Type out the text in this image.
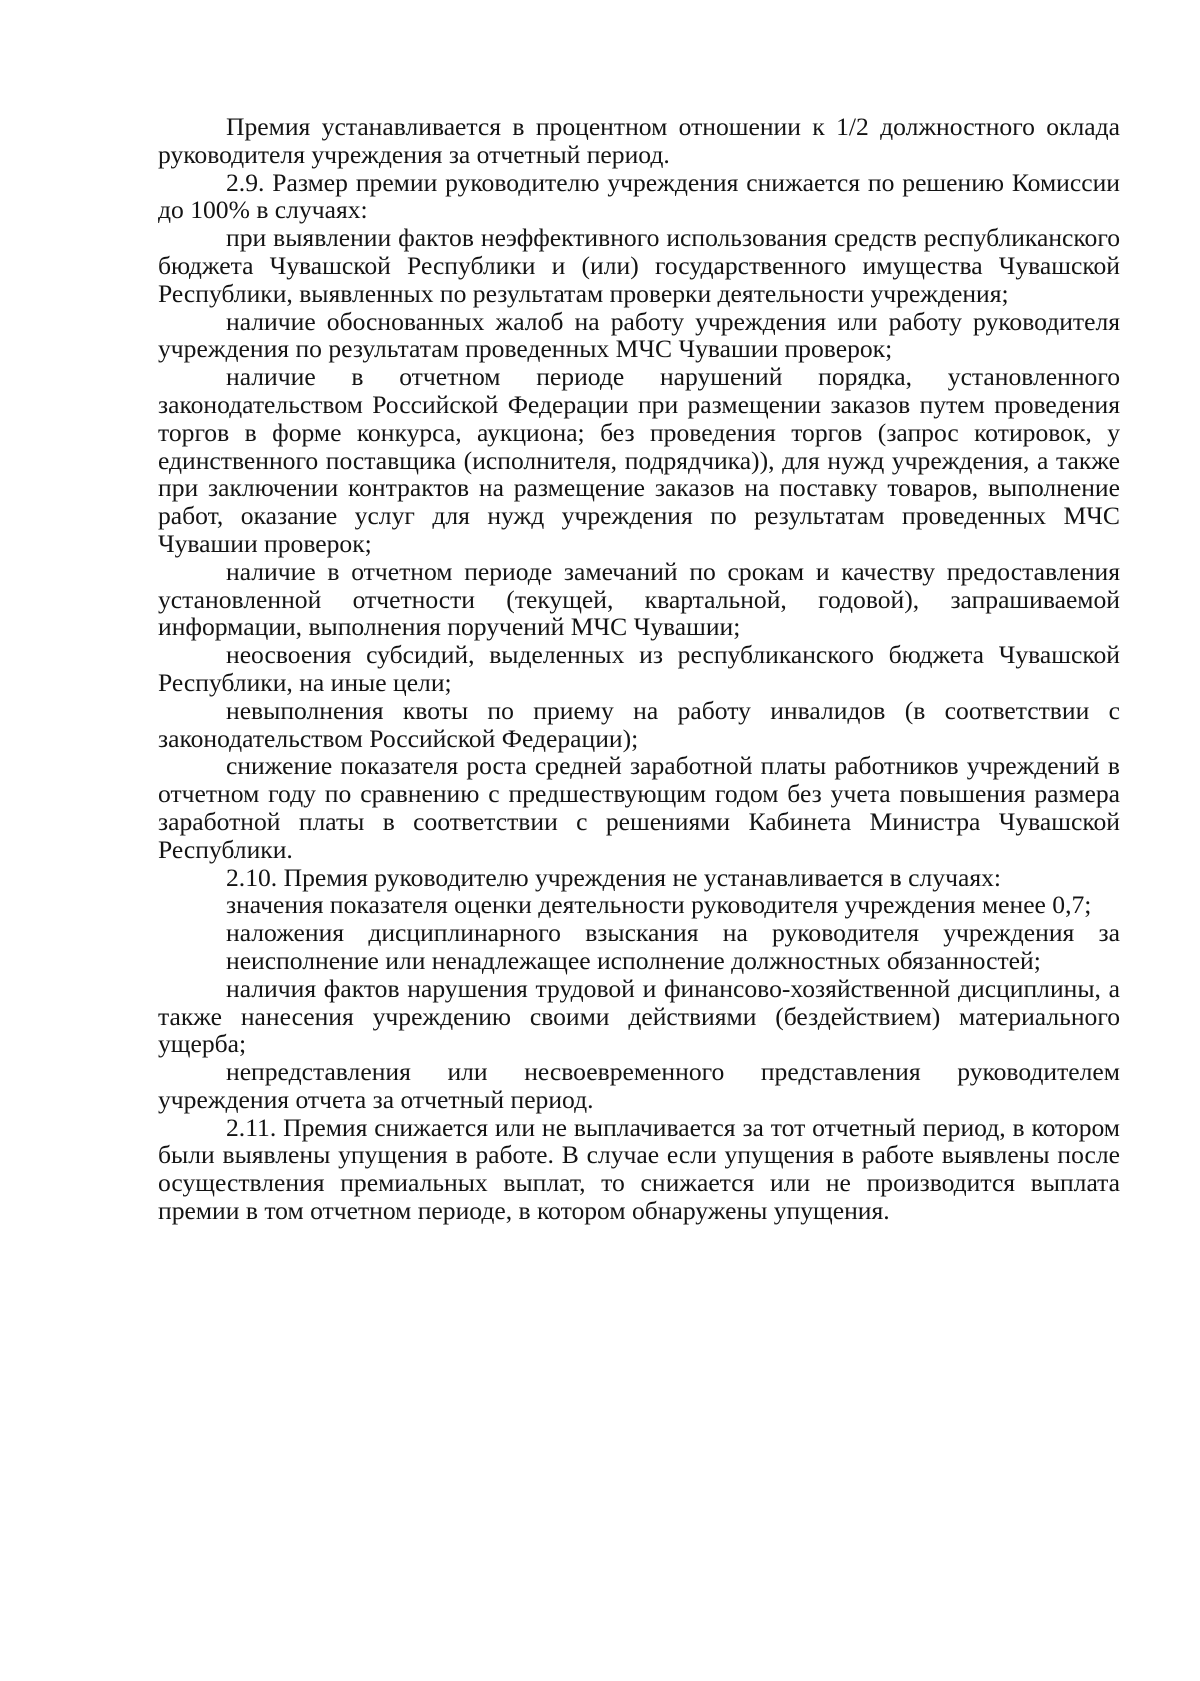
Премия устанавливается в процентном отношении к 1/2 должностного оклада руководителя учреждения за отчетный период.

2.9. Размер премии руководителю учреждения снижается по решению Комиссии до 100% в случаях:

при выявлении фактов неэффективного использования средств республиканского бюджета Чувашской Республики и (или) государственного имущества Чувашской Республики, выявленных по результатам проверки деятельности учреждения;

наличие обоснованных жалоб на работу учреждения или работу руководителя учреждения по результатам проведенных МЧС Чувашии проверок;

наличие в отчетном периоде нарушений порядка, установленного законодательством Российской Федерации при размещении заказов путем проведения торгов в форме конкурса, аукциона; без проведения торгов (запрос котировок, у единственного поставщика (исполнителя, подрядчика)), для нужд учреждения, а также при заключении контрактов на размещение заказов на поставку товаров, выполнение работ, оказание услуг для нужд учреждения по результатам проведенных МЧС Чувашии проверок;

наличие в отчетном периоде замечаний по срокам и качеству предоставления установленной отчетности (текущей, квартальной, годовой), запрашиваемой информации, выполнения поручений МЧС Чувашии;

неосвоения субсидий, выделенных из республиканского бюджета Чувашской Республики, на иные цели;

невыполнения квоты по приему на работу инвалидов (в соответствии с законодательством Российской Федерации);

снижение показателя роста средней заработной платы работников учреждений в отчетном году по сравнению с предшествующим годом без учета повышения размера заработной платы в соответствии с решениями Кабинета Министра Чувашской Республики.

2.10. Премия руководителю учреждения не устанавливается в случаях:

значения показателя оценки деятельности руководителя учреждения менее 0,7;

наложения дисциплинарного взыскания на руководителя учреждения за неисполнение или ненадлежащее исполнение должностных обязанностей;

наличия фактов нарушения трудовой и финансово-хозяйственной дисциплины, а также нанесения учреждению своими действиями (бездействием) материального ущерба;

непредставления или несвоевременного представления руководителем учреждения отчета за отчетный период.

2.11. Премия снижается или не выплачивается за тот отчетный период, в котором были выявлены упущения в работе. В случае если упущения в работе выявлены после осуществления премиальных выплат, то снижается или не производится выплата премии в том отчетном периоде, в котором обнаружены упущения.
